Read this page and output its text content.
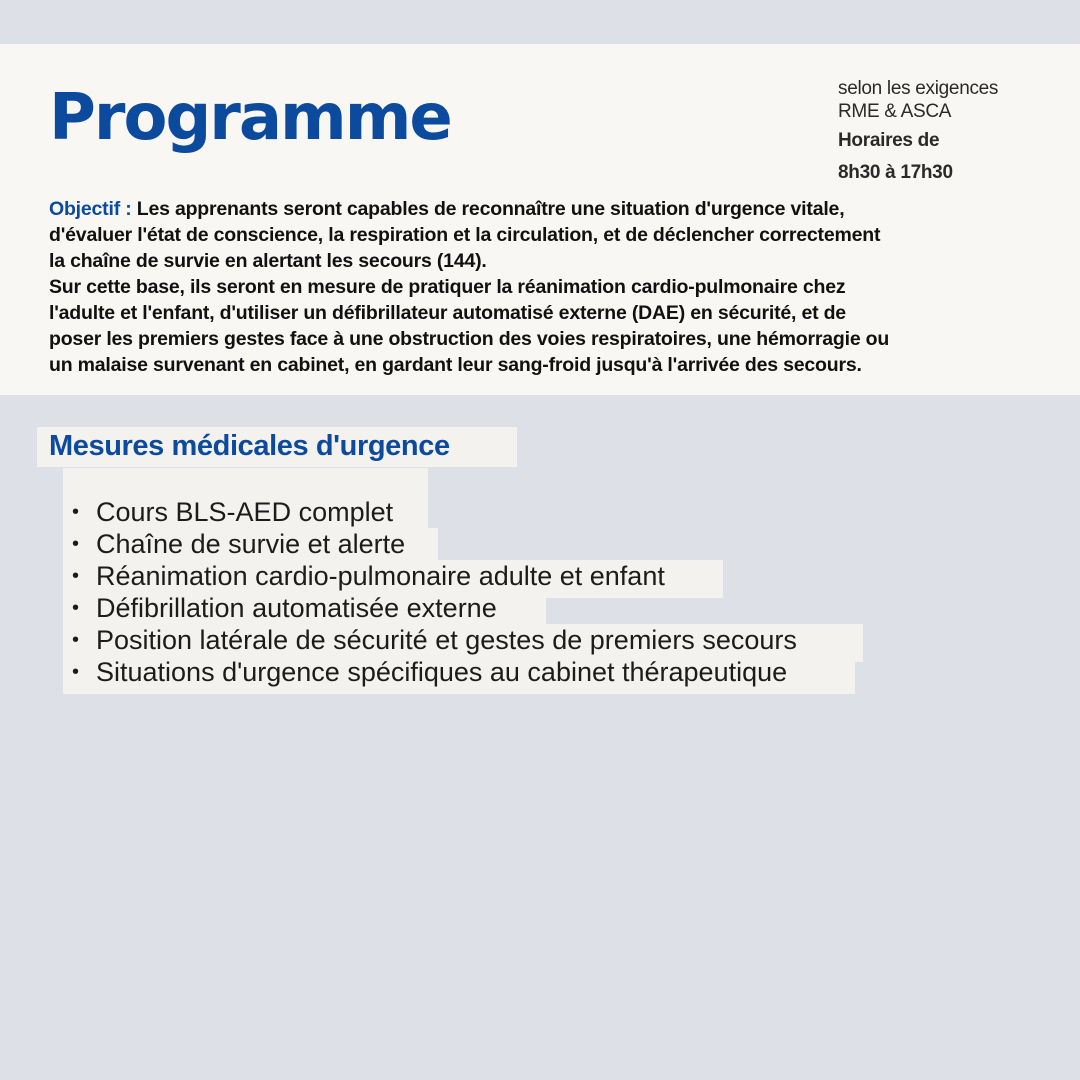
Programme	selon les exigences
RME & ASCA
Horaires de
8h30 à 17h30

Objectif : Les apprenants seront capables de reconnaître une situation d'urgence vitale,
d'évaluer l'état de conscience, la respiration et la circulation, et de déclencher correctement
la chaîne de survie en alertant les secours (144).
Sur cette base, ils seront en mesure de pratiquer la réanimation cardio-pulmonaire chez
l'adulte et l'enfant, d'utiliser un défibrillateur automatisé externe (DAE) en sécurité, et de
poser les premiers gestes face à une obstruction des voies respiratoires, une hémorragie ou
un malaise survenant en cabinet, en gardant leur sang-froid jusqu'à l'arrivée des secours.

Mesures médicales d'urgence
• Cours BLS-AED complet
• Chaîne de survie et alerte
• Réanimation cardio-pulmonaire adulte et enfant
• Défibrillation automatisée externe
• Position latérale de sécurité et gestes de premiers secours
• Situations d'urgence spécifiques au cabinet thérapeutique
